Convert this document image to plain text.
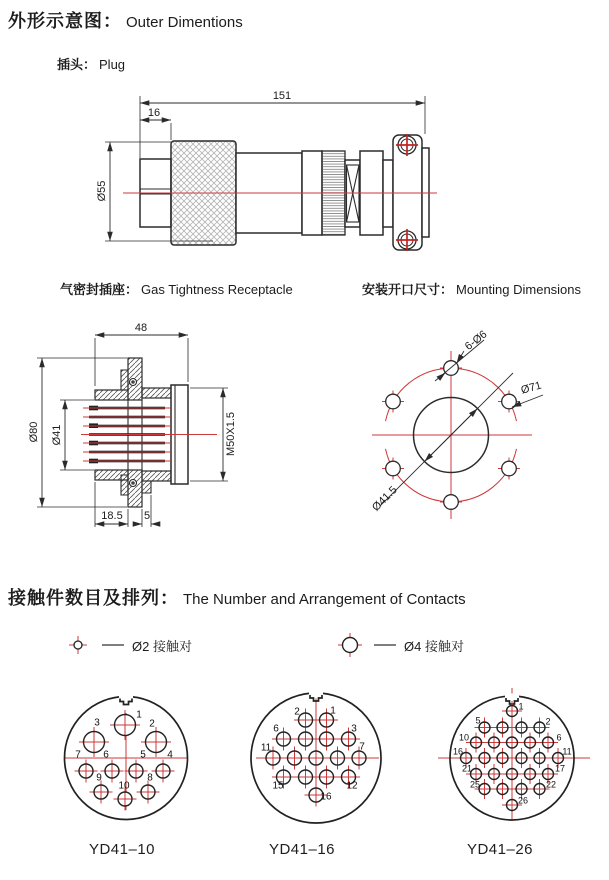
外形示意图： Outer Dimentions
插头： Plug
151
16
Ø55
气密封插座： Gas Tightness Receptacle	安装开口尺寸： Mounting Dimensions
48
Ø80 Ø41	M50X1.5
18.5 5
Ø41.5
Ø71
6-Ø6
接触件数目及排列： The Number and Arrangement of Contacts
Ø2 接触对	Ø4 接触对
1
2
3
4
5
6
7
8
9
10
1
2
3
6
7
11
12
15
16
1
2
5
6
10
11
16
17
21
22
25
26
YD41–10	YD41–16	YD41–26
